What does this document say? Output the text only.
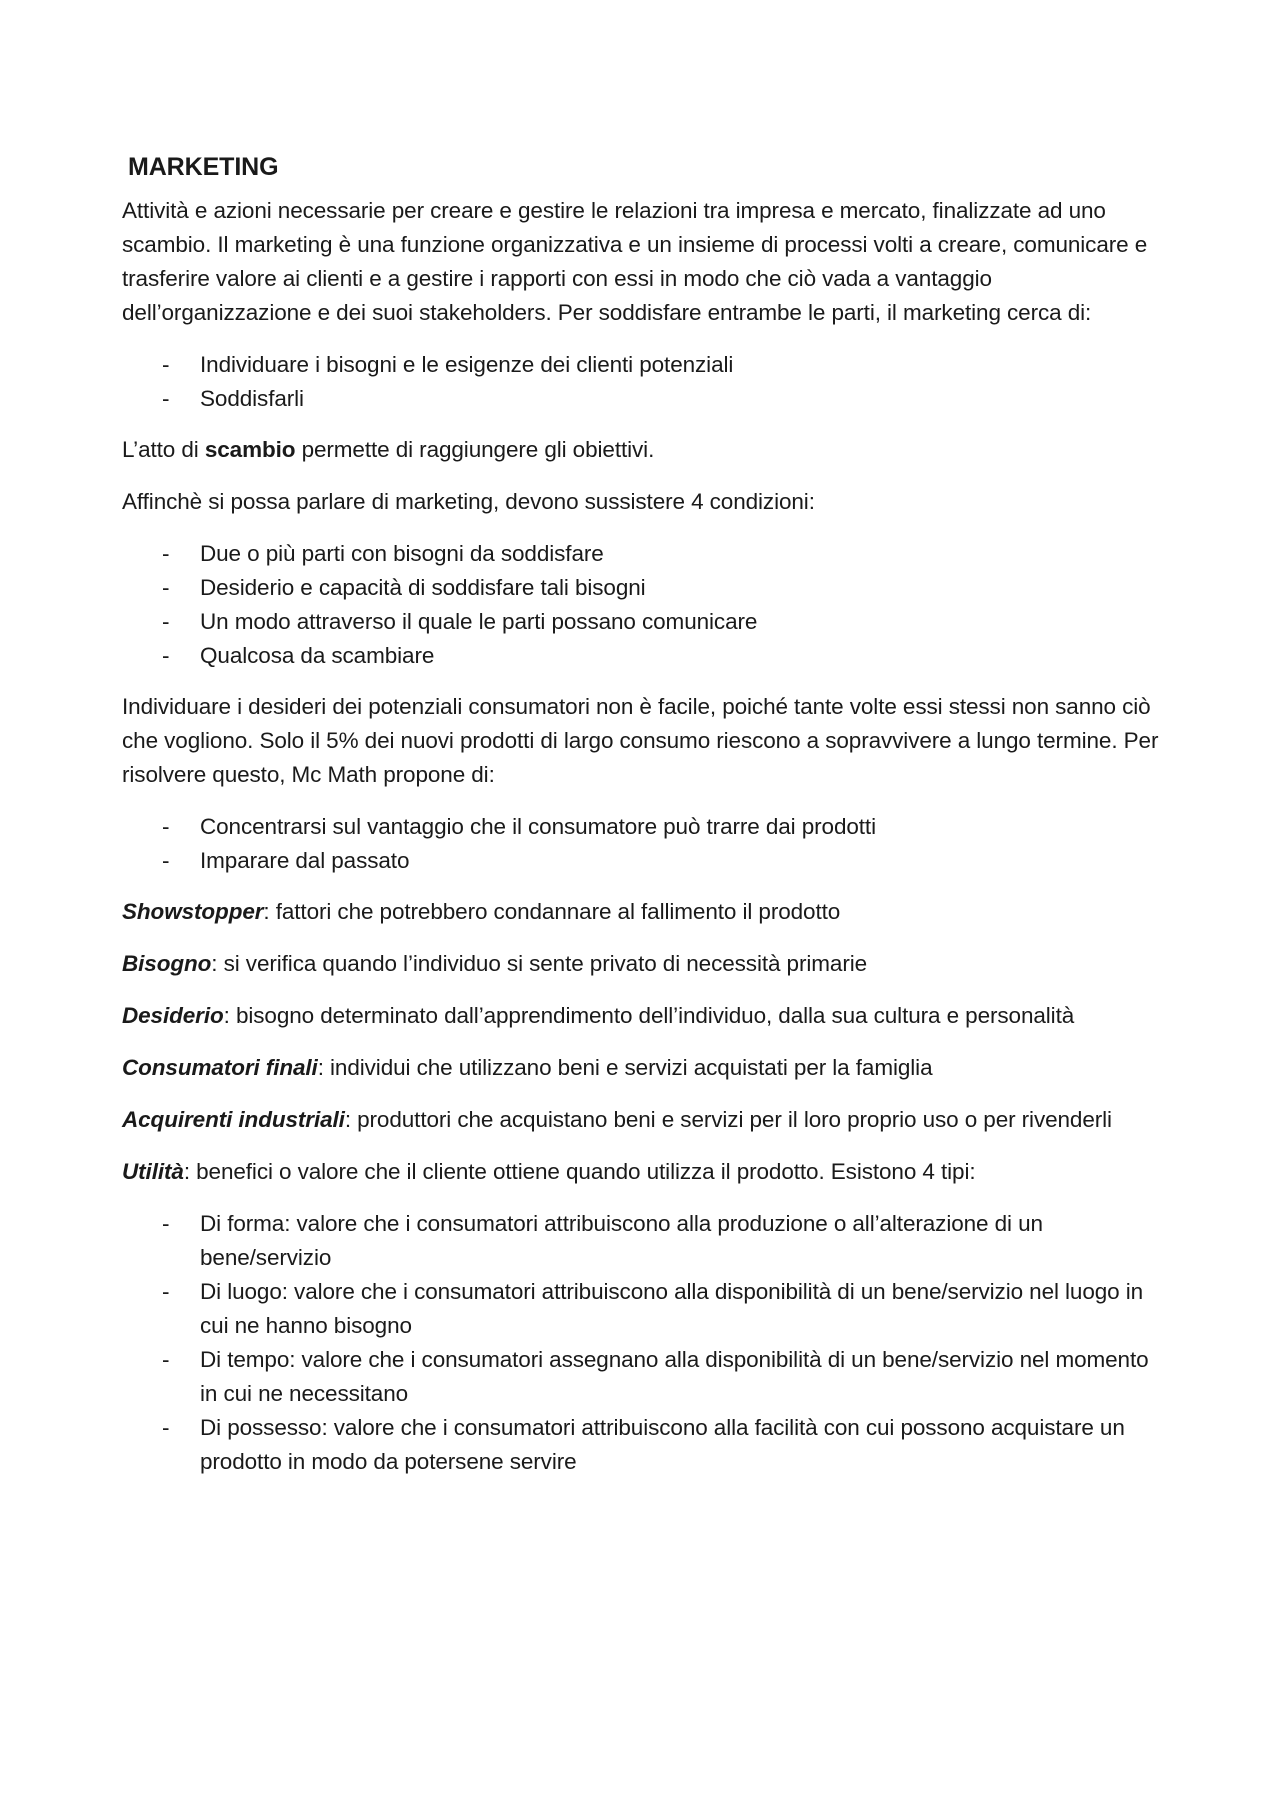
MARKETING

Attività e azioni necessarie per creare e gestire le relazioni tra impresa e mercato, finalizzate ad uno scambio. Il marketing è una funzione organizzativa e un insieme di processi volti a creare, comunicare e trasferire valore ai clienti e a gestire i rapporti con essi in modo che ciò vada a vantaggio dell’organizzazione e dei suoi stakeholders. Per soddisfare entrambe le parti, il marketing cerca di:

- Individuare i bisogni e le esigenze dei clienti potenziali
- Soddisfarli

L’atto di scambio permette di raggiungere gli obiettivi.

Affinchè si possa parlare di marketing, devono sussistere 4 condizioni:

- Due o più parti con bisogni da soddisfare
- Desiderio e capacità di soddisfare tali bisogni
- Un modo attraverso il quale le parti possano comunicare
- Qualcosa da scambiare

Individuare i desideri dei potenziali consumatori non è facile, poiché tante volte essi stessi non sanno ciò che vogliono. Solo il 5% dei nuovi prodotti di largo consumo riescono a sopravvivere a lungo termine. Per risolvere questo, Mc Math propone di:

- Concentrarsi sul vantaggio che il consumatore può trarre dai prodotti
- Imparare dal passato

Showstopper: fattori che potrebbero condannare al fallimento il prodotto

Bisogno: si verifica quando l’individuo si sente privato di necessità primarie

Desiderio: bisogno determinato dall’apprendimento dell’individuo, dalla sua cultura e personalità

Consumatori finali: individui che utilizzano beni e servizi acquistati per la famiglia

Acquirenti industriali: produttori che acquistano beni e servizi per il loro proprio uso o per rivenderli

Utilità: benefici o valore che il cliente ottiene quando utilizza il prodotto. Esistono 4 tipi:

- Di forma: valore che i consumatori attribuiscono alla produzione o all’alterazione di un bene/servizio
- Di luogo: valore che i consumatori attribuiscono alla disponibilità di un bene/servizio nel luogo in cui ne hanno bisogno
- Di tempo: valore che i consumatori assegnano alla disponibilità di un bene/servizio nel momento in cui ne necessitano
- Di possesso: valore che i consumatori attribuiscono alla facilità con cui possono acquistare un prodotto in modo da potersene servire
